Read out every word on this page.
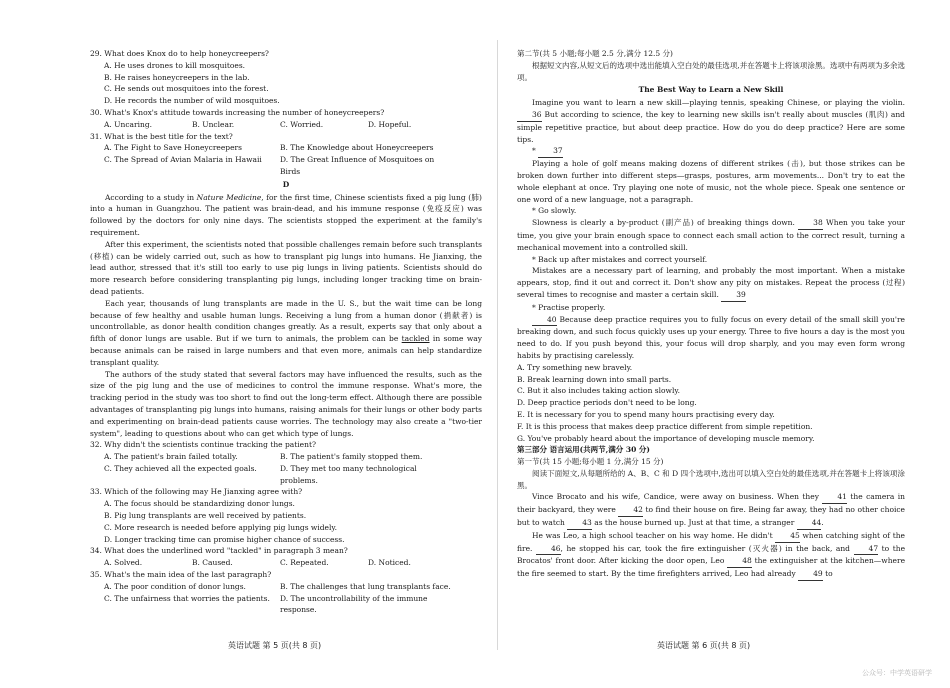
29. What does Knox do to help honeycreepers?

A. He uses drones to kill mosquitoes.

B. He raises honeycreepers in the lab.

C. He sends out mosquitoes into the forest.

D. He records the number of wild mosquitoes.

30. What's Knox's attitude towards increasing the number of honeycreepers?

A. Uncaring.	B. Unclear.	C. Worried.	D. Hopeful.

31. What is the best title for the text?

A. The Fight to Save Honeycreepers	B. The Knowledge about Honeycreepers
C. The Spread of Avian Malaria in Hawaii	D. The Great Influence of Mosquitoes on Birds

D

According to a study in Nature Medicine, for the first time, Chinese scientists fixed a pig lung (肺) into a human in Guangzhou. The patient was brain-dead, and his immune response (免疫反应) was followed by the doctors for only nine days. The scientists stopped the experiment at the family's requirement.

After this experiment, the scientists noted that possible challenges remain before such transplants (移植) can be widely carried out, such as how to transplant pig lungs into humans. He Jianxing, the lead author, stressed that it's still too early to use pig lungs in living patients. Scientists should do more research before considering transplanting pig lungs, including longer tracking time on brain-dead patients.

Each year, thousands of lung transplants are made in the U. S., but the wait time can be long because of few healthy and usable human lungs. Receiving a lung from a human donor (捐献者) is uncontrollable, as donor health condition changes greatly. As a result, experts say that only about a fifth of donor lungs are usable. But if we turn to animals, the problem can be tackled in some way because animals can be raised in large numbers and that even more, animals can help standardize transplant quality.

The authors of the study stated that several factors may have influenced the results, such as the size of the pig lung and the use of medicines to control the immune response. What's more, the tracking period in the study was too short to find out the long-term effect. Although there are possible advantages of transplanting pig lungs into humans, raising animals for their lungs or other body parts and experimenting on brain-dead patients cause worries. The technology may also create a "two-tier system", leading to questions about who can get which type of lungs.

32. Why didn't the scientists continue tracking the patient?

A. The patient's brain failed totally.	B. The patient's family stopped them.
C. They achieved all the expected goals.	D. They met too many technological problems.

33. Which of the following may He Jianxing agree with?

A. The focus should be standardizing donor lungs.

B. Pig lung transplants are well received by patients.

C. More research is needed before applying pig lungs widely.

D. Longer tracking time can promise higher chance of success.

34. What does the underlined word "tackled" in paragraph 3 mean?

A. Solved.	B. Caused.	C. Repeated.	D. Noticed.

35. What's the main idea of the last paragraph?

A. The poor condition of donor lungs.	B. The challenges that lung transplants face.
C. The unfairness that worries the patients.	D. The uncontrollability of the immune response.

第二节(共 5 小题;每小题 2.5 分,满分 12.5 分)

根据短文内容,从短文后的选项中选出能填入空白处的最佳选项,并在答题卡上将该项涂黑。选项中有两项为多余选项。

The Best Way to Learn a New Skill

Imagine you want to learn a new skill—playing tennis, speaking Chinese, or playing the violin. 36 But according to science, the key to learning new skills isn't really about muscles (肌肉) and simple repetitive practice, but about deep practice. How do you do deep practice? Here are some tips.

* 37

Playing a hole of golf means making dozens of different strikes (击), but those strikes can be broken down further into different steps—grasps, postures, arm movements... Don't try to eat the whole elephant at once. Try playing one note of music, not the whole piece. Speak one sentence or one word of a new language, not a paragraph.

* Go slowly.

Slowness is clearly a by-product (副产品) of breaking things down. 38 When you take your time, you give your brain enough space to connect each small action to the correct result, turning a mechanical movement into a controlled skill.

* Back up after mistakes and correct yourself.

Mistakes are a necessary part of learning, and probably the most important. When a mistake appears, stop, find it out and correct it. Don't show any pity on mistakes. Repeat the process (过程) several times to recognise and master a certain skill. 39

* Practise properly.

40 Because deep practice requires you to fully focus on every detail of the small skill you're breaking down, and such focus quickly uses up your energy. Three to five hours a day is the most you need to do. If you push beyond this, your focus will drop sharply, and you may even form wrong habits by practising carelessly.

A. Try something new bravely.

B. Break learning down into small parts.

C. But it also includes taking action slowly.

D. Deep practice periods don't need to be long.

E. It is necessary for you to spend many hours practising every day.

F. It is this process that makes deep practice different from simple repetition.

G. You've probably heard about the importance of developing muscle memory.

第三部分 语言运用(共两节,满分 30 分)

第一节(共 15 小题;每小题 1 分,满分 15 分)

阅读下面短文,从每题所给的 A、B、C 和 D 四个选项中,选出可以填入空白处的最佳选项,并在答题卡上将该项涂黑。

Vince Brocato and his wife, Candice, were away on business. When they 41 the camera in their backyard, they were 42 to find their house on fire. Being far away, they had no other choice but to watch 43 as the house burned up. Just at that time, a stranger 44.

He was Leo, a high school teacher on his way home. He didn't 45 when catching sight of the fire. 46, he stopped his car, took the fire extinguisher (灭火器) in the back, and 47 to the Brocatos' front door. After kicking the door open, Leo 48 the extinguisher at the kitchen—where the fire seemed to start. By the time firefighters arrived, Leo had already 49 to

英语试题 第 5 页(共 8 页)	英语试题 第 6 页(共 8 页)
公众号：中学英语研学
